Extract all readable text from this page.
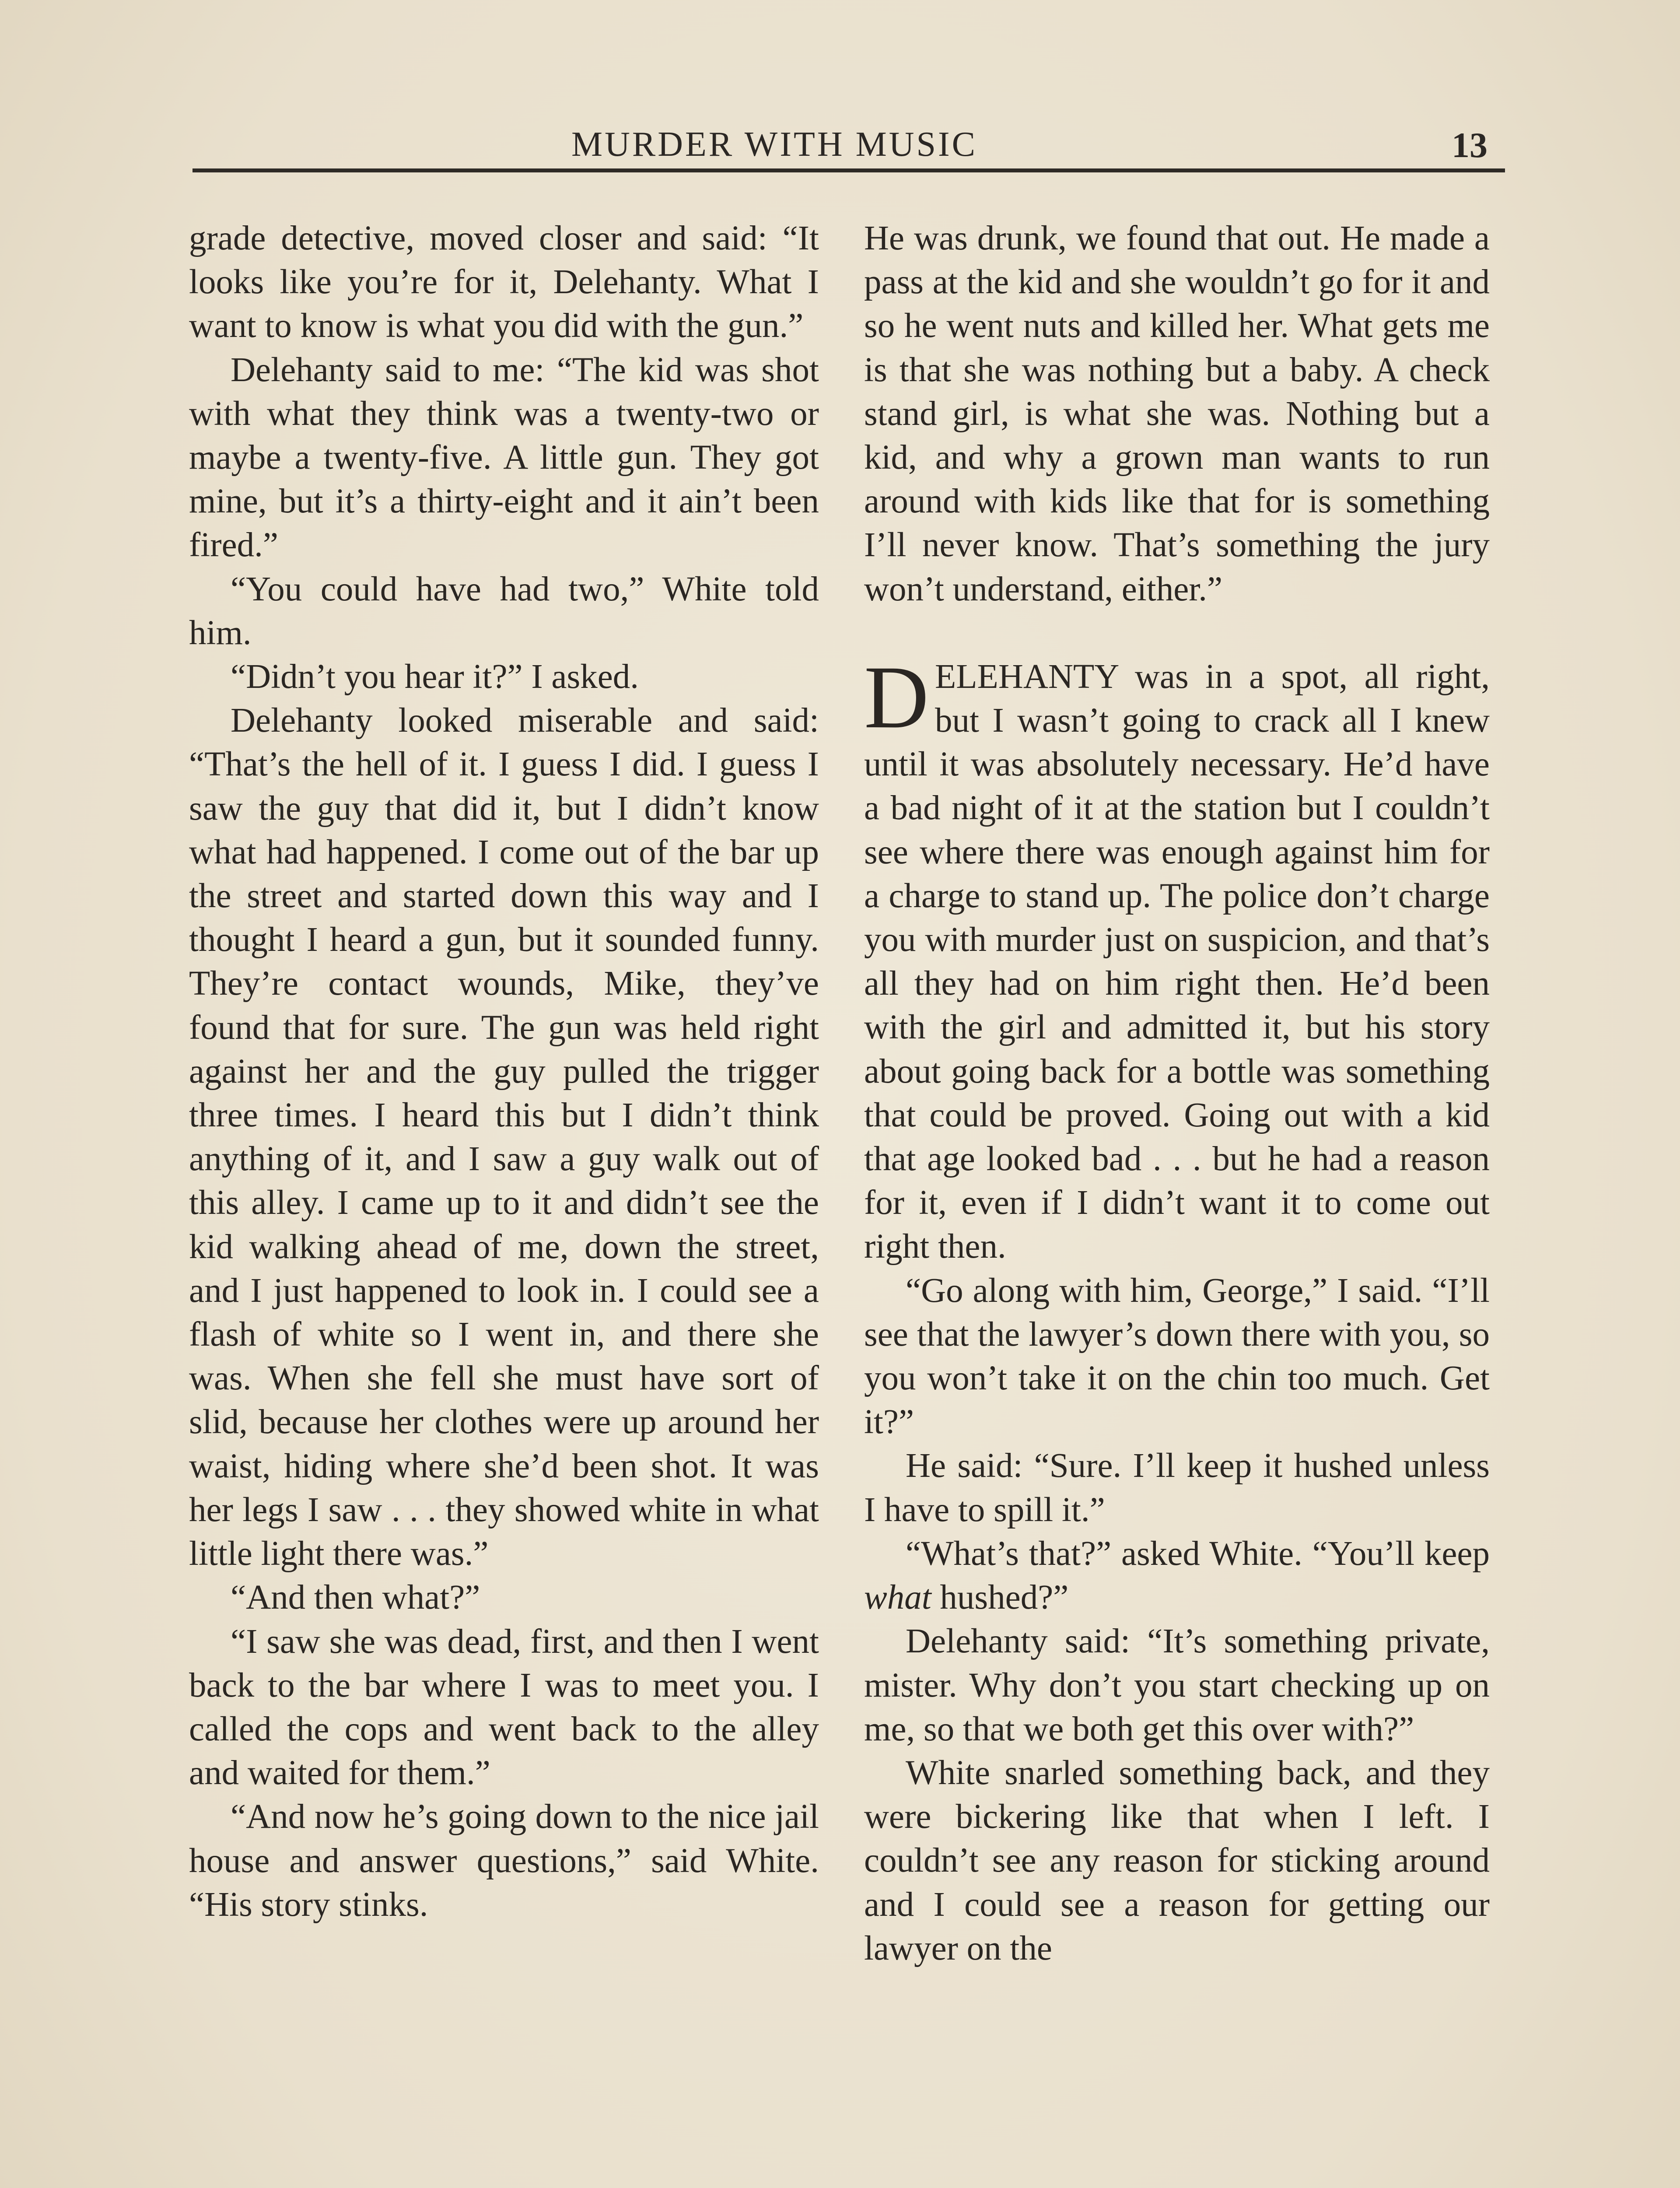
MURDER WITH MUSIC	13

grade detective, moved closer and said: “It looks like you’re for it, Delehanty. What I want to know is what you did with the gun.”

Delehanty said to me: “The kid was shot with what they think was a twenty-two or maybe a twenty-five. A little gun. They got mine, but it’s a thirty-eight and it ain’t been fired.”

“You could have had two,” White told him.

“Didn’t you hear it?” I asked.

Delehanty looked miserable and said: “That’s the hell of it. I guess I did. I guess I saw the guy that did it, but I didn’t know what had happened. I come out of the bar up the street and started down this way and I thought I heard a gun, but it sounded funny. They’re contact wounds, Mike, they’ve found that for sure. The gun was held right against her and the guy pulled the trigger three times. I heard this but I didn’t think anything of it, and I saw a guy walk out of this alley. I came up to it and didn’t see the kid walking ahead of me, down the street, and I just happened to look in. I could see a flash of white so I went in, and there she was. When she fell she must have sort of slid, because her clothes were up around her waist, hiding where she’d been shot. It was her legs I saw . . . they showed white in what little light there was.”

“And then what?”

“I saw she was dead, first, and then I went back to the bar where I was to meet you. I called the cops and went back to the alley and waited for them.”

“And now he’s going down to the nice jail house and answer questions,” said White. “His story stinks.

He was drunk, we found that out. He made a pass at the kid and she wouldn’t go for it and so he went nuts and killed her. What gets me is that she was nothing but a baby. A check stand girl, is what she was. Nothing but a kid, and why a grown man wants to run around with kids like that for is something I’ll never know. That’s something the jury won’t understand, either.”

DELEHANTY was in a spot, all right, but I wasn’t going to crack all I knew until it was absolutely necessary. He’d have a bad night of it at the station but I couldn’t see where there was enough against him for a charge to stand up. The police don’t charge you with murder just on suspicion, and that’s all they had on him right then. He’d been with the girl and admitted it, but his story about going back for a bottle was something that could be proved. Going out with a kid that age looked bad . . . but he had a reason for it, even if I didn’t want it to come out right then.

“Go along with him, George,” I said. “I’ll see that the lawyer’s down there with you, so you won’t take it on the chin too much. Get it?”

He said: “Sure. I’ll keep it hushed unless I have to spill it.”

“What’s that?” asked White. “You’ll keep what hushed?”

Delehanty said: “It’s something private, mister. Why don’t you start checking up on me, so that we both get this over with?”

White snarled something back, and they were bickering like that when I left. I couldn’t see any reason for sticking around and I could see a reason for getting our lawyer on the
